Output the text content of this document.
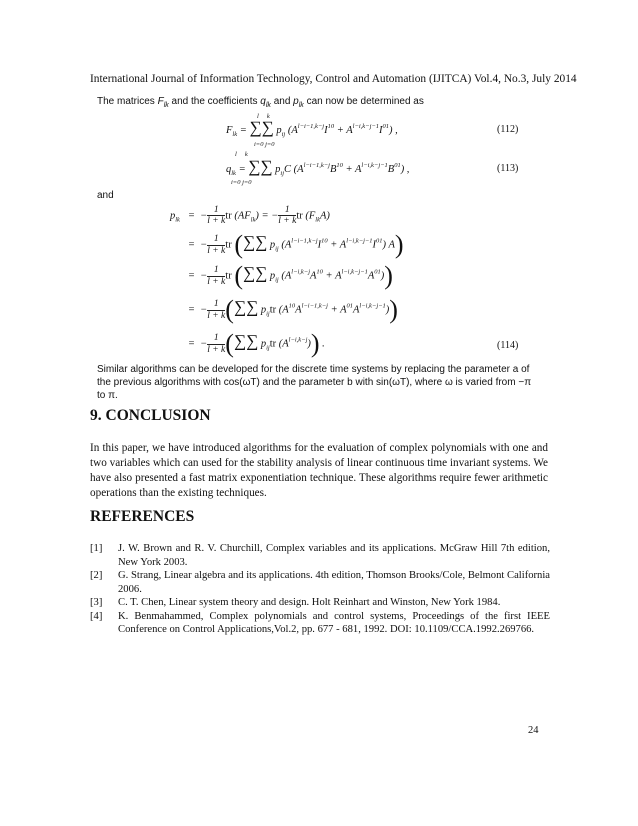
International Journal of Information Technology, Control and Automation (IJITCA) Vol.4, No.3, July 2014
The matrices $F_{lk}$ and the coefficients $q_{lk}$ and $p_{lk}$ can now be determined as
$F_{lk}$ = ∑∑ $p_{ij}$ $(A^{l-i-1,k-j}I^{10} + A^{l-i,k-j-1}I^{01})$ ,
l     k
i=0 j=0
(112)
$q_{lk}$ = ∑∑ $p_{ij}C$ $(A^{l-i-1,k-j}B^{10} + A^{l-i,k-j-1}B^{01})$ ,
l     k
i=0 j=0
(113)
and
$p_{lk}$   =  − $\frac{1}{l + k}$ tr $(AF_{lk})$ = − $\frac{1}{l + k}$ tr $(F_{lk}A)$
=  − $\frac{1}{l + k}$ tr (∑∑ $p_{ij}$ $(A^{l-i-1,k-j}I^{10} + A^{l-i,k-j-1}I^{01})$ A)
=  − $\frac{1}{l + k}$ tr (∑∑ $p_{ij}$ $(A^{l-i,k-j}A^{10} + A^{l-i,k-j-1}A^{01})$)
=  − $\frac{1}{l + k}$ (∑∑ $p_{ij}tr$ $(A^{10}A^{l-i-1,k-j} + A^{01}A^{l-i,k-j-1})$)
=  − $\frac{1}{l + k}$ (∑∑ $p_{ij}tr$ $(A^{l-i,k-j})$) .	(114)
Similar algorithms can be developed for the discrete time systems by replacing the parameter a of the previous algorithms with cos(ωT) and the parameter b with sin(ωT), where ω is varied from −π to π.
9. CONCLUSION
In this paper, we have introduced algorithms for the evaluation of complex polynomials with one and two variables which can used for the stability analysis of linear continuous time invariant systems. We have also presented a fast matrix exponentiation technique. These algorithms require fewer arithmetic operations than the existing techniques.
REFERENCES
[1]	J. W. Brown and R. V. Churchill, Complex variables and its applications. McGraw Hill 7th edition, New York 2003.
[2]	G. Strang, Linear algebra and its applications. 4th edition, Thomson Brooks/Cole, Belmont California 2006.
[3]	C. T. Chen, Linear system theory and design. Holt Reinhart and Winston, New York 1984.
[4]	K. Benmahammed, Complex polynomials and control systems, Proceedings of the first IEEE Conference on Control Applications,Vol.2, pp. 677 - 681, 1992. DOI: 10.1109/CCA.1992.269766.
24
